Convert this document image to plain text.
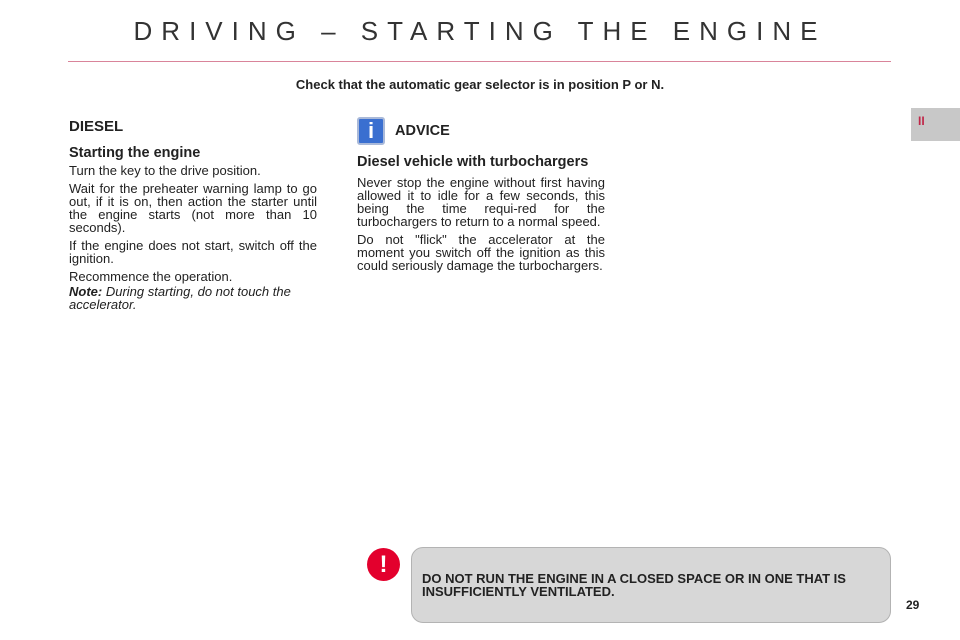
DRIVING – STARTING THE ENGINE
Check that the automatic gear selector is in position P or N.
II
DIESEL
Starting the engine

Turn the key to the drive position.

Wait for the preheater warning lamp to go out, if it is on, then action the starter until the engine starts (not more than 10 seconds).

If the engine does not start, switch off the ignition.

Recommence the operation.

Note: During starting, do not touch the accelerator.

i	ADVICE
Diesel vehicle with turbochargers

Never stop the engine without first having allowed it to idle for a few seconds, this being the time requi-red for the turbochargers to return to a normal speed.

Do not "flick" the accelerator at the moment you switch off the ignition as this could seriously damage the turbochargers.

!
DO NOT RUN THE ENGINE IN A CLOSED SPACE OR IN ONE THAT IS INSUFFICIENTLY VENTILATED.
29
